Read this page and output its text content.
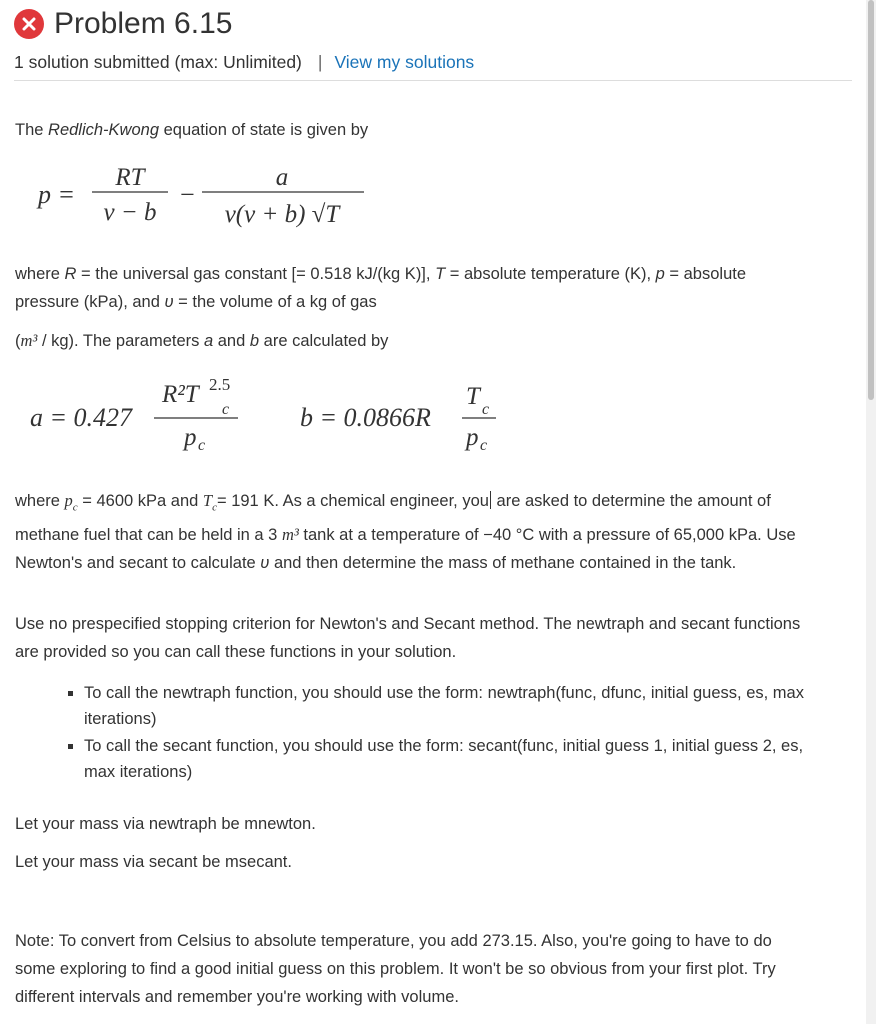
Problem 6.15
1 solution submitted (max: Unlimited) | View my solutions

The Redlich-Kwong equation of state is given by

p =
RT
v − b
−
a
v(v + b) √T

where R = the universal gas constant [= 0.518 kJ/(kg K)], T = absolute temperature (K), p = absolute pressure (kPa), and υ = the volume of a kg of gas

(m³ / kg). The parameters a and b are calculated by

a = 0.427
R²T 2.5
c
p c
b = 0.0866R
T c
p c

where $p_c = 4600$ kPa and $T_c= 191$ K. As a chemical engineer, you are asked to determine the amount of methane fuel that can be held in a 3 m³ tank at a temperature of −40 °C with a pressure of 65,000 kPa. Use Newton's and secant to calculate υ and then determine the mass of methane contained in the tank.

Use no prespecified stopping criterion for Newton's and Secant method. The newtraph and secant functions are provided so you can call these functions in your solution.

▪ To call the newtraph function, you should use the form: newtraph(func, dfunc, initial guess, es, max iterations)
▪ To call the secant function, you should use the form: secant(func, initial guess 1, initial guess 2, es, max iterations)

Let your mass via newtraph be mnewton.

Let your mass via secant be msecant.

Note: To convert from Celsius to absolute temperature, you add 273.15. Also, you're going to have to do some exploring to find a good initial guess on this problem. It won't be so obvious from your first plot. Try different intervals and remember you're working with volume.
